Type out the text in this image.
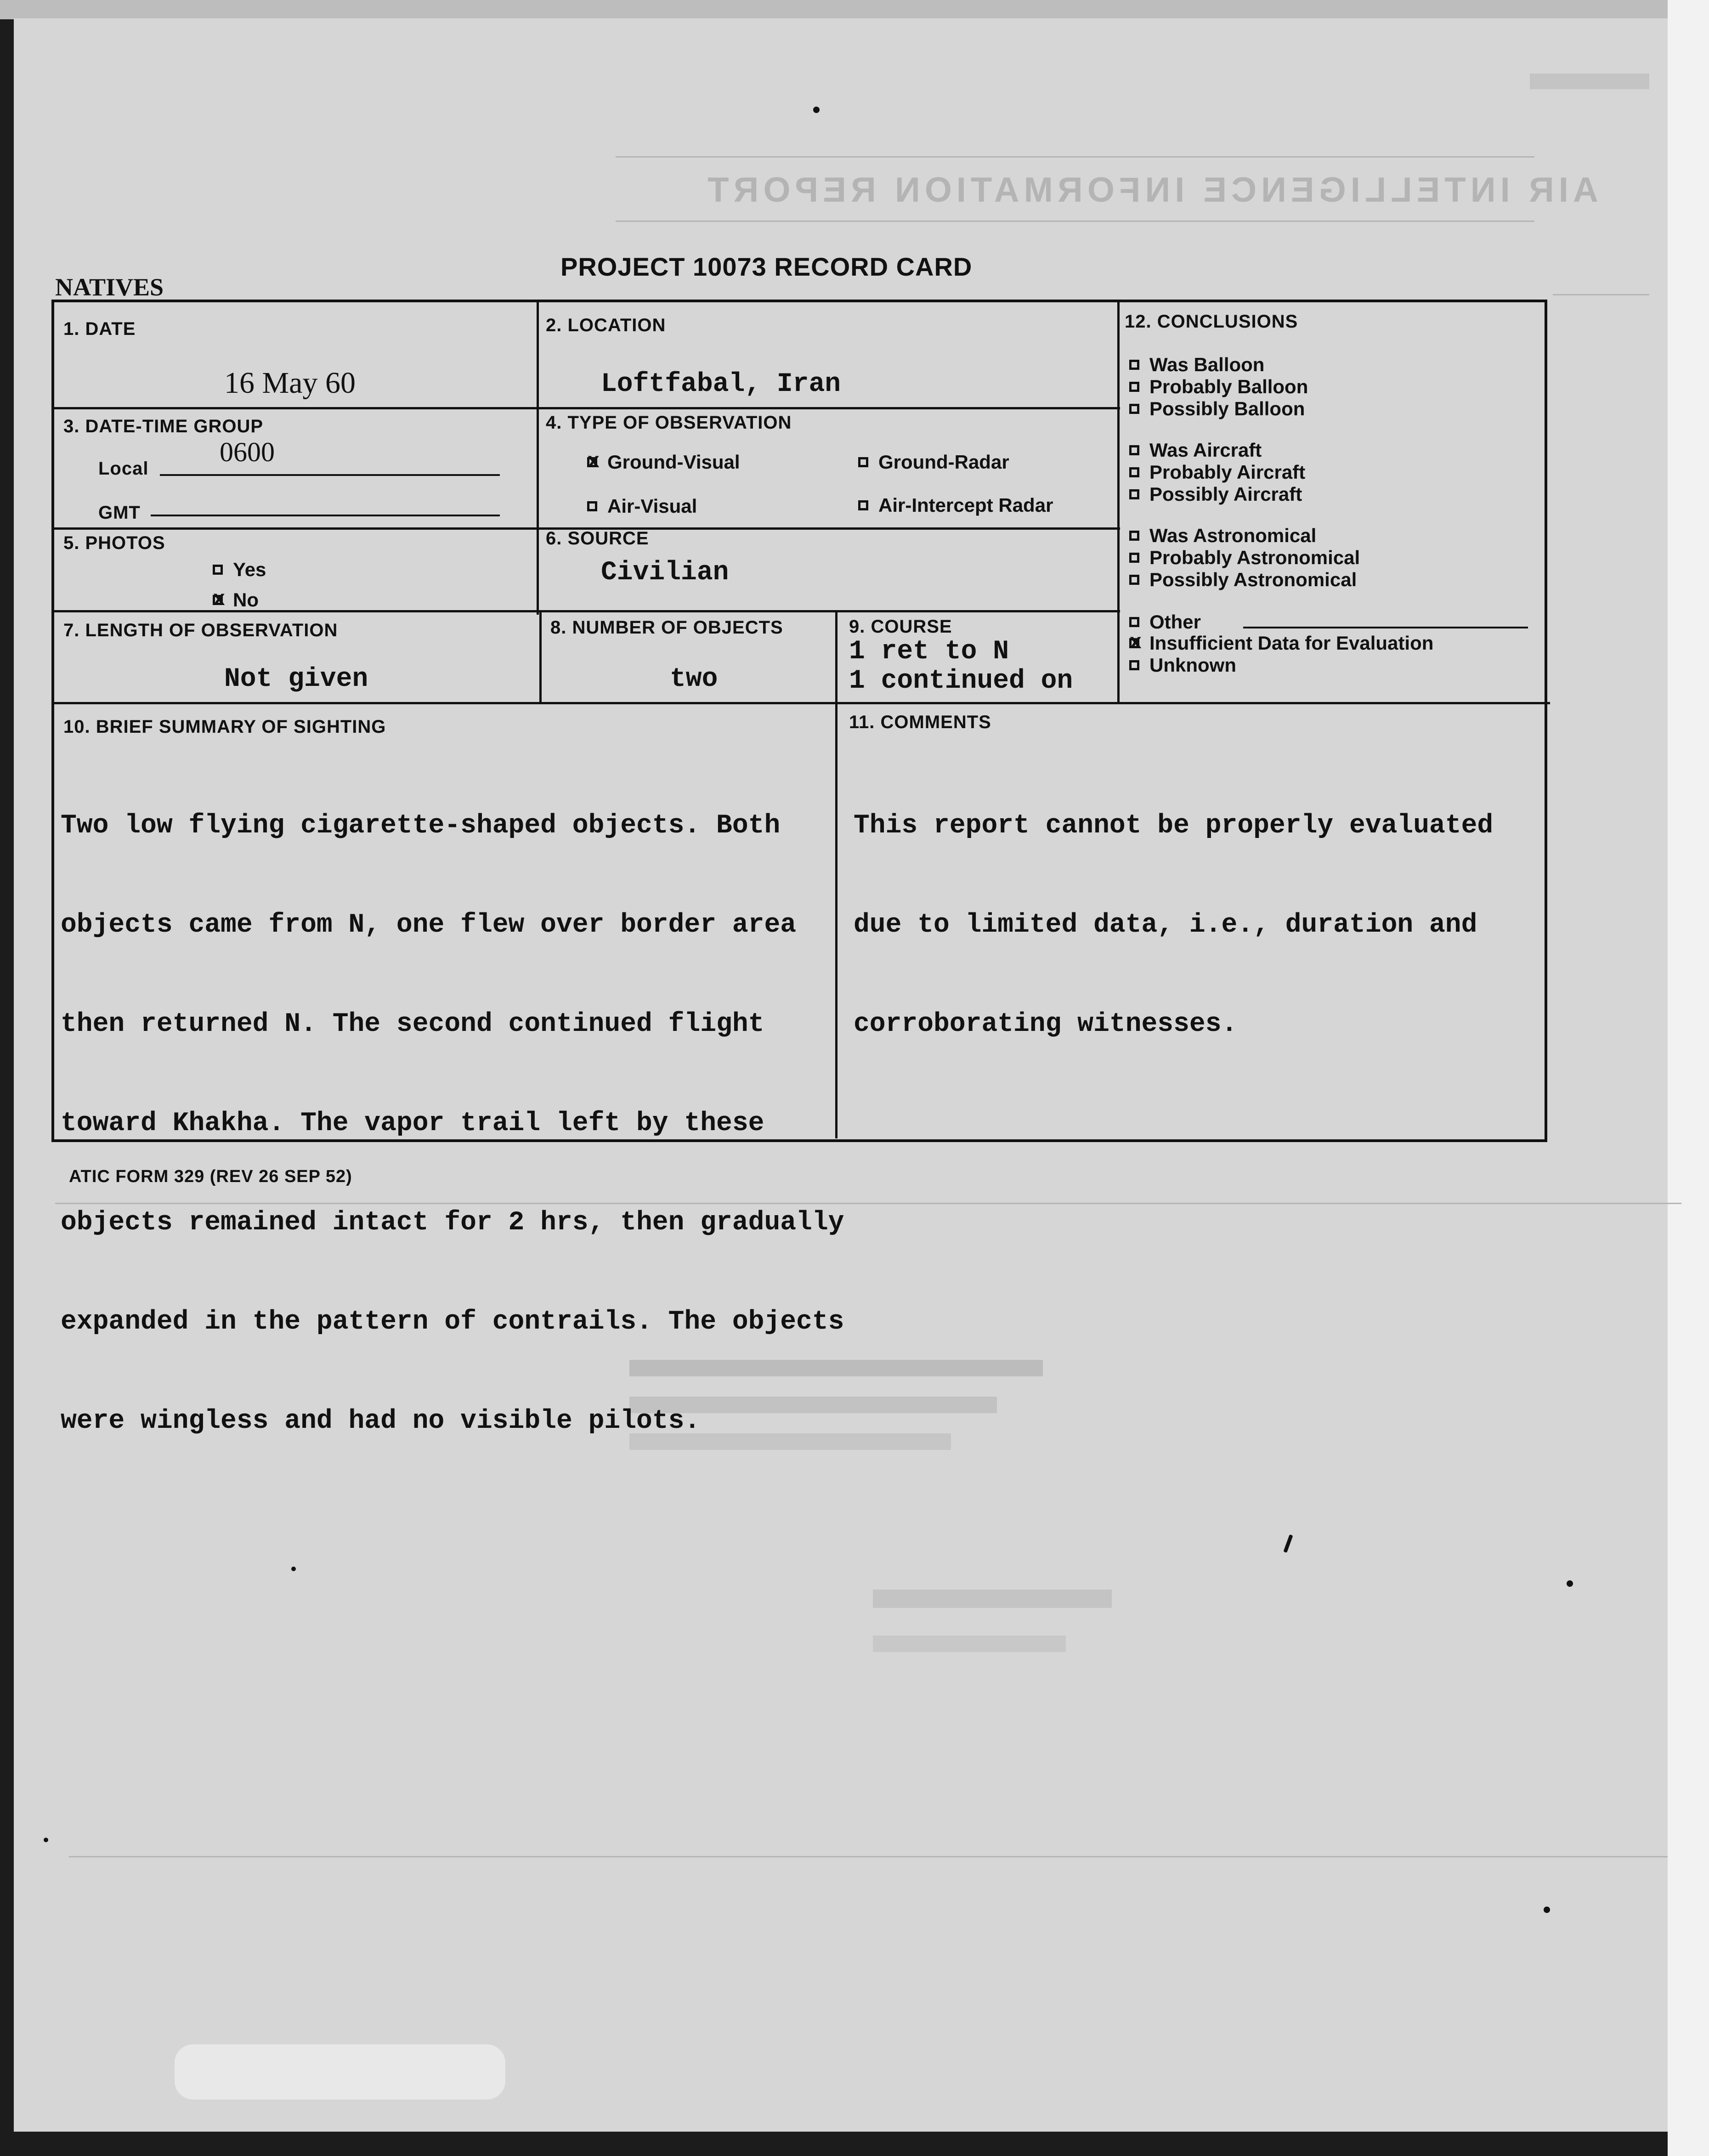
AIR INTELLIGENCE INFORMATION REPORT
NATIVES
PROJECT 10073 RECORD CARD
1. DATE
16 May 60
2. LOCATION
Loftfabal, Iran
3. DATE-TIME GROUP
Local
0600
GMT
4. TYPE OF OBSERVATION
x
Ground-Visual	Ground-Radar
Air-Visual	Air-Intercept Radar
5. PHOTOS
Yes
x
No
6. SOURCE
Civilian
7. LENGTH OF OBSERVATION
Not given
8. NUMBER OF OBJECTS
two
9. COURSE
1 ret to N
1 continued on
10. BRIEF SUMMARY OF SIGHTING

Two low flying cigarette-shaped objects. Both

objects came from N, one flew over border area

then returned N. The second continued flight

toward Khakha. The vapor trail left by these

objects remained intact for 2 hrs, then gradually

expanded in the pattern of contrails. The objects

were wingless and had no visible pilots.

11. COMMENTS

This report cannot be properly evaluated

due to limited data, i.e., duration and

corroborating witnesses.

12. CONCLUSIONS
Was Balloon
Probably Balloon
Possibly Balloon
Was Aircraft
Probably Aircraft
Possibly Aircraft
Was Astronomical
Probably Astronomical
Possibly Astronomical
Other
x
Insufficient Data for Evaluation
Unknown
ATIC FORM 329 (REV 26 SEP 52)
